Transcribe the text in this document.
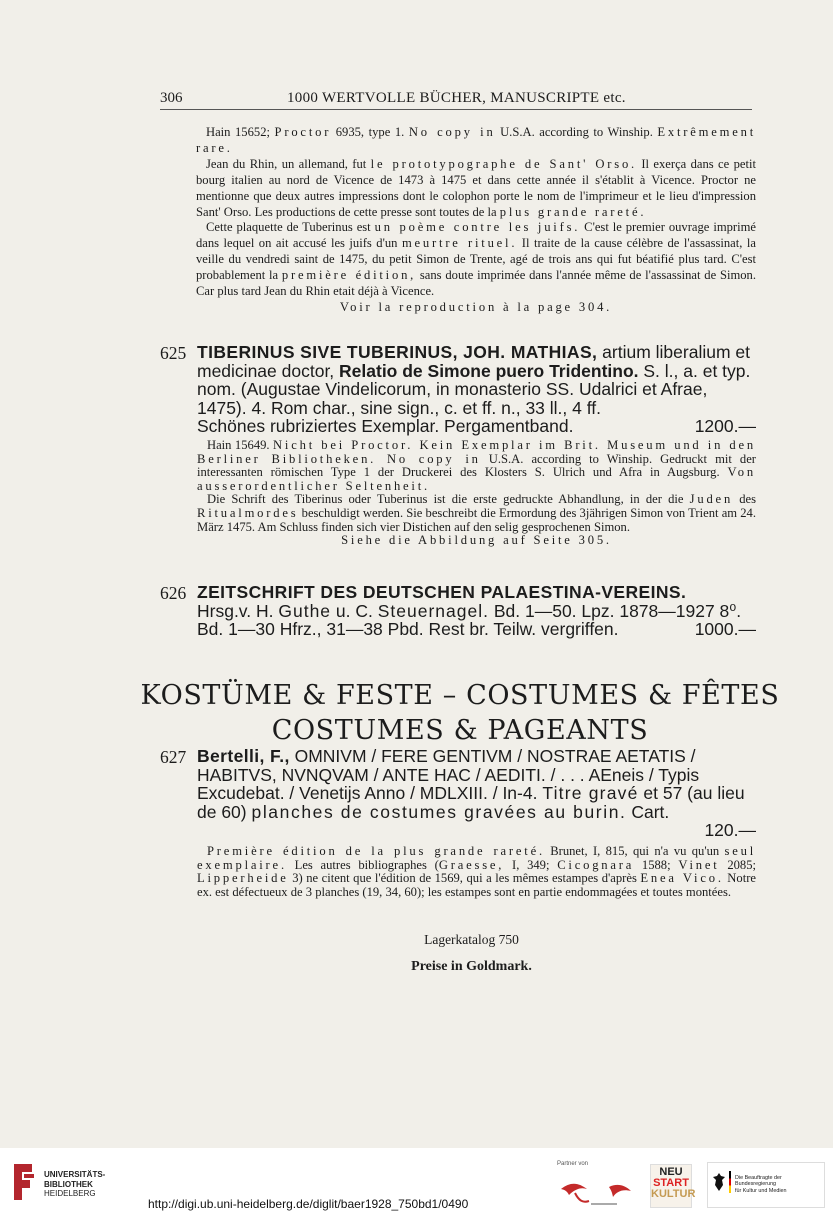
306	1000 WERTVOLLE BÜCHER, MANUSCRIPTE etc.

Hain 15652; Proctor 6935, type 1. No copy in U.S.A. according to Winship. Extrêmement rare.

Jean du Rhin, un allemand, fut le prototypographe de Sant' Orso. Il exerça dans ce petit bourg italien au nord de Vicence de 1473 à 1475 et dans cette année il s'établit à Vicence. Proctor ne mentionne que deux autres impressions dont le colophon porte le nom de l'imprimeur et le lieu d'impression Sant' Orso. Les productions de cette presse sont toutes de la plus grande rareté.

Cette plaquette de Tuberinus est un poème contre les juifs. C'est le premier ouvrage imprimé dans lequel on ait accusé les juifs d'un meurtre rituel. Il traite de la cause célèbre de l'assassinat, la veille du vendredi saint de 1475, du petit Simon de Trente, agé de trois ans qui fut béatifié plus tard. C'est probablement la première édition, sans doute imprimée dans l'année même de l'assassinat de Simon. Car plus tard Jean du Rhin etait déjà à Vicence.

Voir la reproduction à la page 304.

625 TIBERINUS SIVE TUBERINUS, JOH. MATHIAS, artium liberalium et medicinae doctor, Relatio de Simone puero Tridentino. S. l., a. et typ. nom. (Augustae Vindelicorum, in monasterio SS. Udalrici et Afrae, 1475). 4. Rom char., sine sign., c. et ff. n., 33 ll., 4 ff.
Schönes rubriziertes Exemplar. Pergamentband.	1200.—

Hain 15649. Nicht bei Proctor. Kein Exemplar im Brit. Museum und in den Berliner Bibliotheken. No copy in U.S.A. according to Winship. Gedruckt mit der interessanten römischen Type 1 der Druckerei des Klosters S. Ulrich und Afra in Augsburg. Von ausserordentlicher Seltenheit.

Die Schrift des Tiberinus oder Tuberinus ist die erste gedruckte Abhandlung, in der die Juden des Ritualmordes beschuldigt werden. Sie beschreibt die Ermordung des 3jährigen Simon von Trient am 24. März 1475. Am Schluss finden sich vier Distichen auf den selig gesprochenen Simon.

Siehe die Abbildung auf Seite 305.

626 ZEITSCHRIFT DES DEUTSCHEN PALAESTINA-VEREINS.
Hrsg.v. H. Guthe u. C. Steuernagel. Bd. 1—50. Lpz. 1878—1927 8⁰.
Bd. 1—30 Hfrz., 31—38 Pbd. Rest br. Teilw. vergriffen.	1000.—
KOSTÜME & FESTE – COSTUMES & FÊTES
COSTUMES & PAGEANTS
627 Bertelli, F., OMNIVM / FERE GENTIVM / NOSTRAE AETATIS / HABITVS, NVNQVAM / ANTE HAC / AEDITI. / . . . AEneis / Typis Excudebat. / Venetijs Anno / MDLXIII. / In-4. Titre gravé et 57 (au lieu de 60) planches de costumes gravées au burin. Cart.
120.—

Première édition de la plus grande rareté. Brunet, I, 815, qui n'a vu qu'un seul exemplaire. Les autres bibliographes (Graesse, I, 349; Cicognara 1588; Vinet 2085; Lipperheide 3) ne citent que l'édition de 1569, qui a les mêmes estampes d'après Enea Vico. Notre ex. est défectueux de 3 planches (19, 34, 60); les estampes sont en partie endommagées et toutes montées.

Lagerkatalog 750
Preise in Goldmark.
UNIVERSITÄTS-
BIBLIOTHEK
HEIDELBERG
http://digi.ub.uni-heidelberg.de/diglit/baer1928_750bd1/0490
Partner von
NEU
START
KULTUR
Die Beauftragte der Bundesregierung
für Kultur und Medien
